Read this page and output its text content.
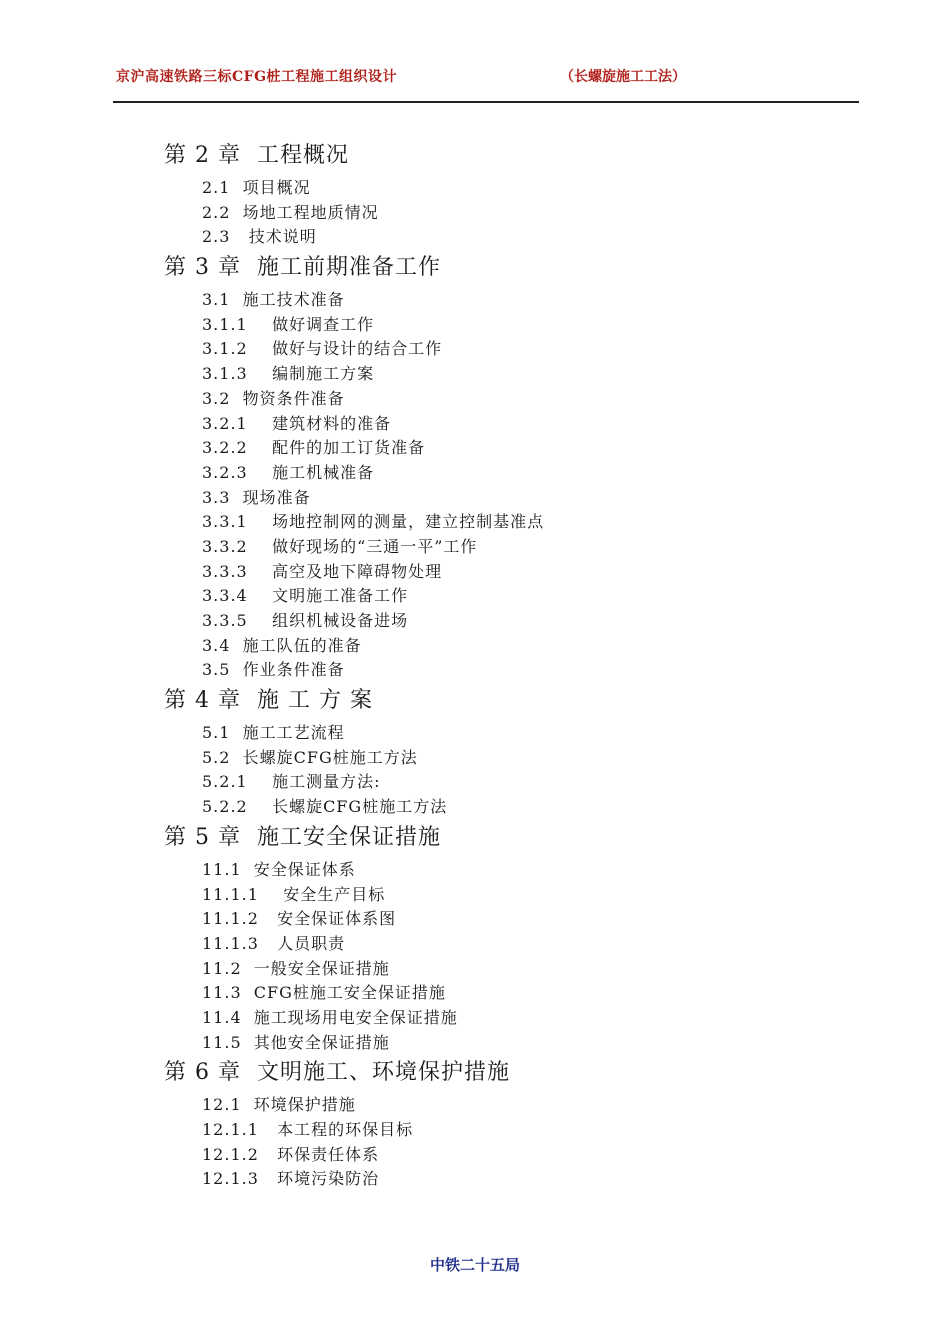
京沪高速铁路三标CFG桩工程施工组织设计	（长螺旋施工工法）
第 2 章  工程概况
2.1 项目概况
2.2 场地工程地质情况
2.3   技术说明
第 3 章  施工前期准备工作
3.1 施工技术准备
3.1.1    做好调查工作
3.1.2    做好与设计的结合工作
3.1.3    编制施工方案
3.2 物资条件准备
3.2.1    建筑材料的准备
3.2.2    配件的加工订货准备
3.2.3    施工机械准备
3.3 现场准备
3.3.1    场地控制网的测量，建立控制基准点
3.3.2    做好现场的“三通一平”工作
3.3.3    高空及地下障碍物处理
3.3.4    文明施工准备工作
3.3.5    组织机械设备进场
3.4 施工队伍的准备
3.5 作业条件准备
第 4 章  施 工 方 案
5.1 施工工艺流程
5.2 长螺旋CFG桩施工方法
5.2.1    施工测量方法:
5.2.2    长螺旋CFG桩施工方法
第 5 章  施工安全保证措施
11.1 安全保证体系
11.1.1    安全生产目标
11.1.2   安全保证体系图
11.1.3   人员职责
11.2 一般安全保证措施
11.3 CFG桩施工安全保证措施
11.4 施工现场用电安全保证措施
11.5 其他安全保证措施
第 6 章  文明施工、环境保护措施
12.1 环境保护措施
12.1.1   本工程的环保目标
12.1.2   环保责任体系
12.1.3   环境污染防治
中铁二十五局
